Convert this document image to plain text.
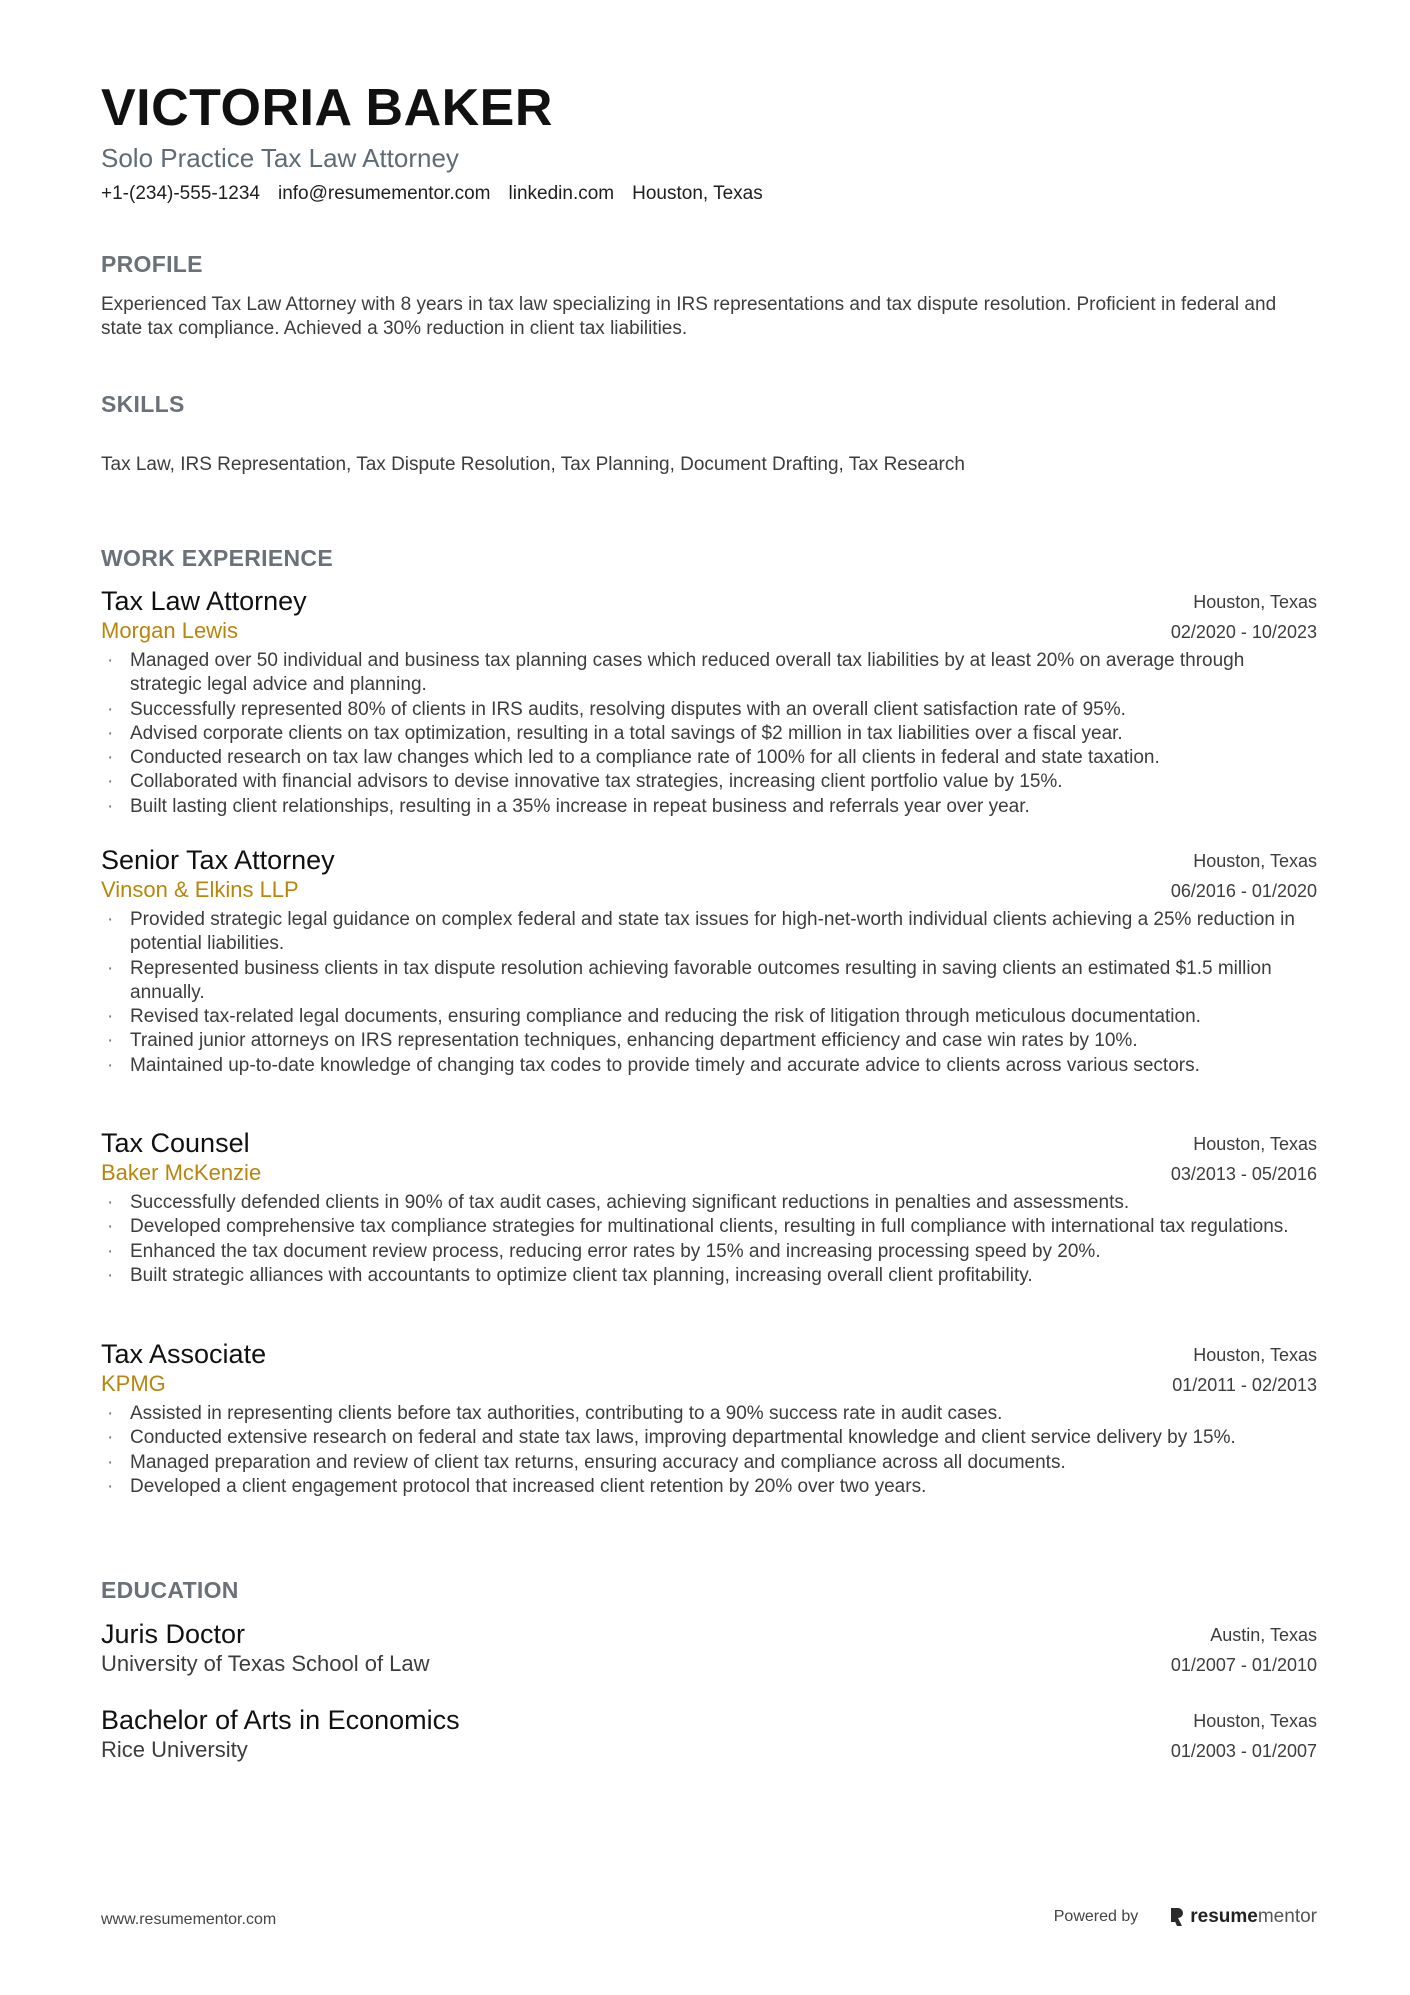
VICTORIA BAKER
Solo Practice Tax Law Attorney
+1-(234)-555-1234 info@resumementor.com linkedin.com Houston, Texas
PROFILE
Experienced Tax Law Attorney with 8 years in tax law specializing in IRS representations and tax dispute resolution. Proficient in federal and state tax compliance. Achieved a 30% reduction in client tax liabilities.
SKILLS
Tax Law, IRS Representation, Tax Dispute Resolution, Tax Planning, Document Drafting, Tax Research
WORK EXPERIENCE
Tax Law Attorney
Morgan Lewis
Houston, Texas
02/2020 - 10/2023
· Managed over 50 individual and business tax planning cases which reduced overall tax liabilities by at least 20% on average through strategic legal advice and planning.
· Successfully represented 80% of clients in IRS audits, resolving disputes with an overall client satisfaction rate of 95%.
· Advised corporate clients on tax optimization, resulting in a total savings of $2 million in tax liabilities over a fiscal year.
· Conducted research on tax law changes which led to a compliance rate of 100% for all clients in federal and state taxation.
· Collaborated with financial advisors to devise innovative tax strategies, increasing client portfolio value by 15%.
· Built lasting client relationships, resulting in a 35% increase in repeat business and referrals year over year.
Senior Tax Attorney
Vinson & Elkins LLP
Houston, Texas
06/2016 - 01/2020
· Provided strategic legal guidance on complex federal and state tax issues for high-net-worth individual clients achieving a 25% reduction in potential liabilities.
· Represented business clients in tax dispute resolution achieving favorable outcomes resulting in saving clients an estimated $1.5 million annually.
· Revised tax-related legal documents, ensuring compliance and reducing the risk of litigation through meticulous documentation.
· Trained junior attorneys on IRS representation techniques, enhancing department efficiency and case win rates by 10%.
· Maintained up-to-date knowledge of changing tax codes to provide timely and accurate advice to clients across various sectors.
Tax Counsel
Baker McKenzie
Houston, Texas
03/2013 - 05/2016
· Successfully defended clients in 90% of tax audit cases, achieving significant reductions in penalties and assessments.
· Developed comprehensive tax compliance strategies for multinational clients, resulting in full compliance with international tax regulations.
· Enhanced the tax document review process, reducing error rates by 15% and increasing processing speed by 20%.
· Built strategic alliances with accountants to optimize client tax planning, increasing overall client profitability.
Tax Associate
KPMG
Houston, Texas
01/2011 - 02/2013
· Assisted in representing clients before tax authorities, contributing to a 90% success rate in audit cases.
· Conducted extensive research on federal and state tax laws, improving departmental knowledge and client service delivery by 15%.
· Managed preparation and review of client tax returns, ensuring accuracy and compliance across all documents.
· Developed a client engagement protocol that increased client retention by 20% over two years.
EDUCATION
Juris Doctor
University of Texas School of Law
Austin, Texas
01/2007 - 01/2010
Bachelor of Arts in Economics
Rice University
Houston, Texas
01/2003 - 01/2007
www.resumementor.com	Powered by	resumementor
